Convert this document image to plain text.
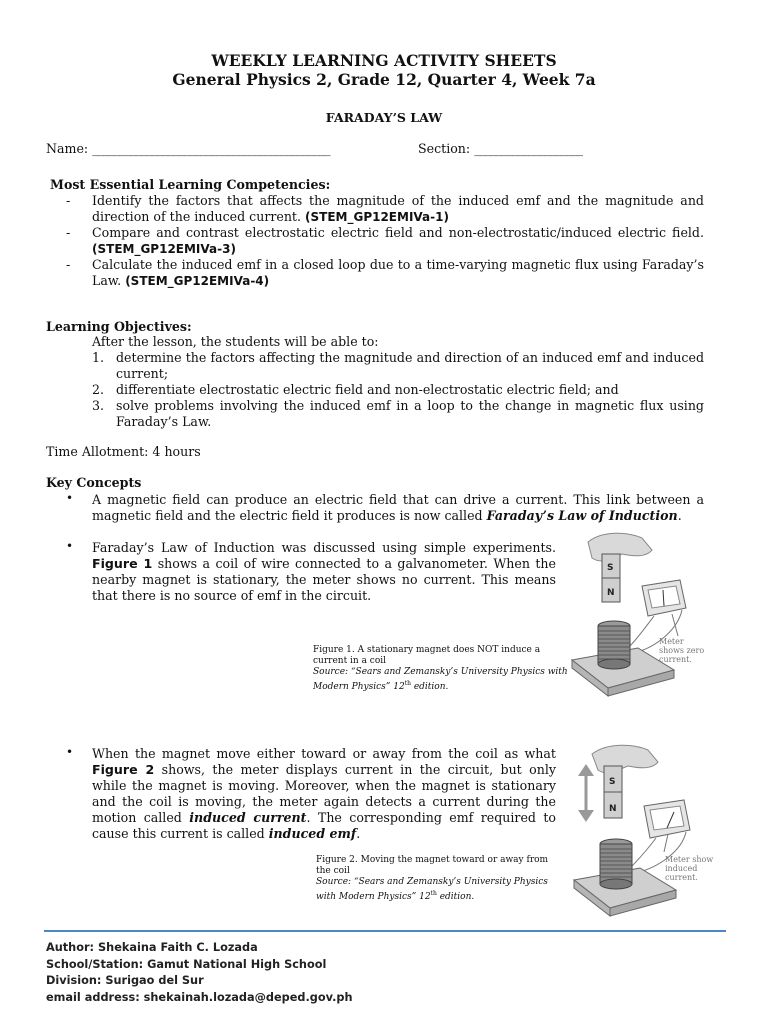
WEEKLY LEARNING ACTIVITY SHEETS
General Physics 2, Grade 12, Quarter 4, Week 7a
FARADAY’S LAW
Name: ____________________________________________	Section: ____________________
Most Essential Learning Competencies:
- Identify the factors that affects the magnitude of the induced emf and the magnitude and direction of the induced current. (STEM_GP12EMIVa-1)
- Compare and contrast electrostatic electric field and non-electrostatic/induced electric field. (STEM_GP12EMIVa-3)
- Calculate the induced emf in a closed loop due to a time-varying magnetic flux using Faraday’s Law. (STEM_GP12EMIVa-4)
Learning Objectives:
After the lesson, the students will be able to:
1. determine the factors affecting the magnitude and direction of an induced emf and induced current;
2. differentiate electrostatic electric field and non-electrostatic electric field; and
3. solve problems involving the induced emf in a loop to the change in magnetic flux using Faraday’s Law.
Time Allotment: 4 hours
Key Concepts
• A magnetic field can produce an electric field that can drive a current. This link between a magnetic field and the electric field it produces is now called Faraday’s Law of Induction.
• Faraday’s Law of Induction was discussed using simple experiments. Figure 1 shows a coil of wire connected to a galvanometer. When the nearby magnet is stationary, the meter shows no current. This means that there is no source of emf in the circuit.
Figure 1. A stationary magnet does NOT induce a current in a coil
Source: “Sears and Zemansky’s University Physics with Modern Physics” 12th edition.
S
N
Meter shows zero current.
• When the magnet move either toward or away from the coil as what Figure 2 shows, the meter displays current in the circuit, but only while the magnet is moving. Moreover, when the magnet is stationary and the coil is moving, the meter again detects a current during the motion called induced current. The corresponding emf required to cause this current is called induced emf.
Figure 2. Moving the magnet toward or away from the coil
Source: “Sears and Zemansky’s University Physics with Modern Physics” 12th edition.
S
N
Meter show induced current.
Author: Shekaina Faith C. Lozada
School/Station: Gamut National High School
Division: Surigao del Sur
email address: shekainah.lozada@deped.gov.ph
